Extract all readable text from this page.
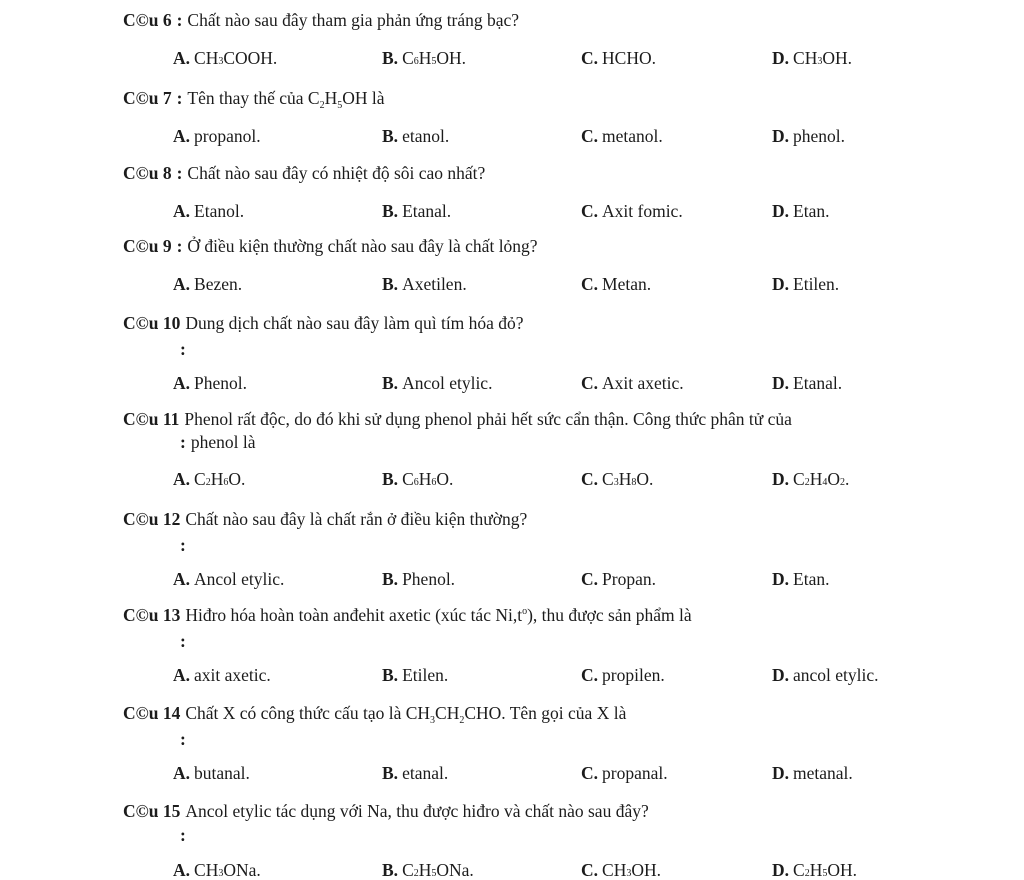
C©u 6 : Chất nào sau đây tham gia phản ứng tráng bạc?
A. CH 3 COOH.	B. C 6 H 5 OH.	C. HCHO.	D. CH 3 OH.
C©u 7 : Tên thay thế của $C_2H_5OH$ là
A. propanol.	B. etanol.	C. metanol.	D. phenol.
C©u 8 : Chất nào sau đây có nhiệt độ sôi cao nhất?
A. Etanol.	B. Etanal.	C. Axit fomic.	D. Etan.
C©u 9 : Ở điều kiện thường chất nào sau đây là chất lỏng?
A. Bezen.	B. Axetilen.	C. Metan.	D. Etilen.
C©u 10 Dung dịch chất nào sau đây làm quì tím hóa đỏ?
:
A. Phenol.	B. Ancol etylic.	C. Axit axetic.	D. Etanal.
C©u 11 Phenol rất độc, do đó khi sử dụng phenol phải hết sức cẩn thận. Công thức phân tử của
: phenol là
A. C 2 H 6 O.	B. C 6 H 6 O.	C. C 3 H 8 O.	D. C 2 H 4 O 2 .
C©u 12 Chất nào sau đây là chất rắn ở điều kiện thường?
:
A. Ancol etylic.	B. Phenol.	C. Propan.	D. Etan.
C©u 13 Hiđro hóa hoàn toàn anđehit axetic (xúc tác $Ni,t^o$), thu được sản phẩm là
:
A. axit axetic.	B. Etilen.	C. propilen.	D. ancol etylic.
C©u 14 Chất X có công thức cấu tạo là $CH_3CH_2CHO$. Tên gọi của X là
:
A. butanal.	B. etanal.	C. propanal.	D. metanal.
C©u 15 Ancol etylic tác dụng với Na, thu được hiđro và chất nào sau đây?
:
A. CH 3 ONa.	B. C 2 H 5 ONa.	C. CH 3 OH.	D. C 2 H 5 OH.
